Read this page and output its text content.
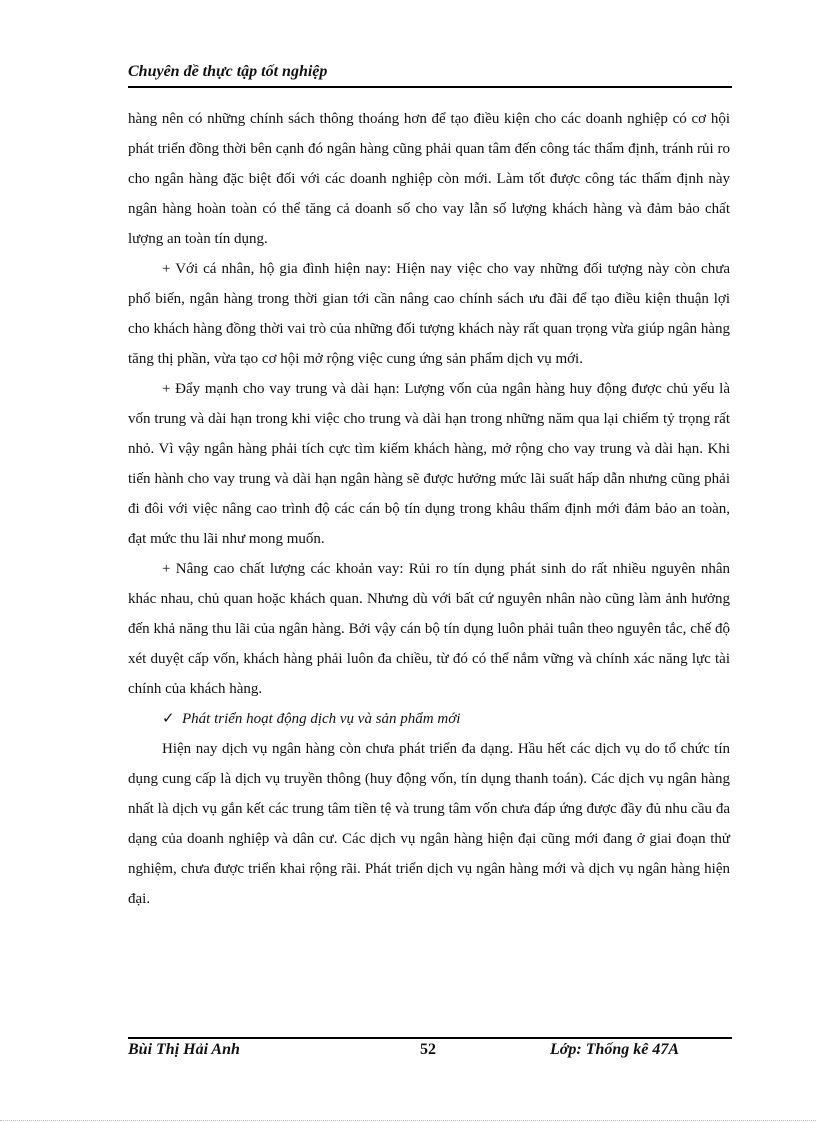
Chuyên đề thực tập tốt nghiệp

hàng nên có những chính sách thông thoáng hơn để tạo điều kiện cho các doanh nghiệp có cơ hội phát triển đồng thời bên cạnh đó ngân hàng cũng phải quan tâm đến công tác thẩm định, tránh rủi ro cho ngân hàng đặc biệt đối với các doanh nghiệp còn mới. Làm tốt được công tác thẩm định này ngân hàng hoàn toàn có thể tăng cả doanh số cho vay lẫn số lượng khách hàng và đảm bảo chất lượng an toàn tín dụng.

+ Với cá nhân, hộ gia đình hiện nay: Hiện nay việc cho vay những đối tượng này còn chưa phổ biến, ngân hàng trong thời gian tới cần nâng cao chính sách ưu đãi để tạo điều kiện thuận lợi cho khách hàng đồng thời vai trò của những đối tượng khách này rất quan trọng vừa giúp ngân hàng tăng thị phần, vừa tạo cơ hội mở rộng việc cung ứng sản phẩm dịch vụ mới.

+ Đẩy mạnh cho vay trung và dài hạn: Lượng vốn của ngân hàng huy động được chủ yếu là vốn trung và dài hạn trong khi việc cho trung và dài hạn trong những năm qua lại chiếm tỷ trọng rất nhỏ. Vì vậy ngân hàng phải tích cực tìm kiếm khách hàng, mở rộng cho vay trung và dài hạn. Khi tiến hành cho vay trung và dài hạn ngân hàng sẽ được hưởng mức lãi suất hấp dẫn nhưng cũng phải đi đôi với việc nâng cao trình độ các cán bộ tín dụng trong khâu thẩm định mới đảm bảo an toàn, đạt mức thu lãi như mong muốn.

+ Nâng cao chất lượng các khoản vay: Rủi ro tín dụng phát sinh do rất nhiều nguyên nhân khác nhau, chủ quan hoặc khách quan. Nhưng dù với bất cứ nguyên nhân nào cũng làm ảnh hưởng đến khả năng thu lãi của ngân hàng. Bởi vậy cán bộ tín dụng luôn phải tuân theo nguyên tắc, chế độ xét duyệt cấp vốn, khách hàng phải luôn đa chiều, từ đó có thể nắm vững và chính xác năng lực tài chính của khách hàng.

✓ Phát triển hoạt động dịch vụ và sản phẩm mới

Hiện nay dịch vụ ngân hàng còn chưa phát triển đa dạng. Hầu hết các dịch vụ do tổ chức tín dụng cung cấp là dịch vụ truyền thông (huy động vốn, tín dụng thanh toán). Các dịch vụ ngân hàng nhất là dịch vụ gắn kết các trung tâm tiền tệ và trung tâm vốn chưa đáp ứng được đầy đủ nhu cầu đa dạng của doanh nghiệp và dân cư. Các dịch vụ ngân hàng hiện đại cũng mới đang ở giai đoạn thử nghiệm, chưa được triển khai rộng rãi. Phát triển dịch vụ ngân hàng mới và dịch vụ ngân hàng hiện đại.

Bùi Thị Hải Anh	52	Lớp: Thống kê 47A
